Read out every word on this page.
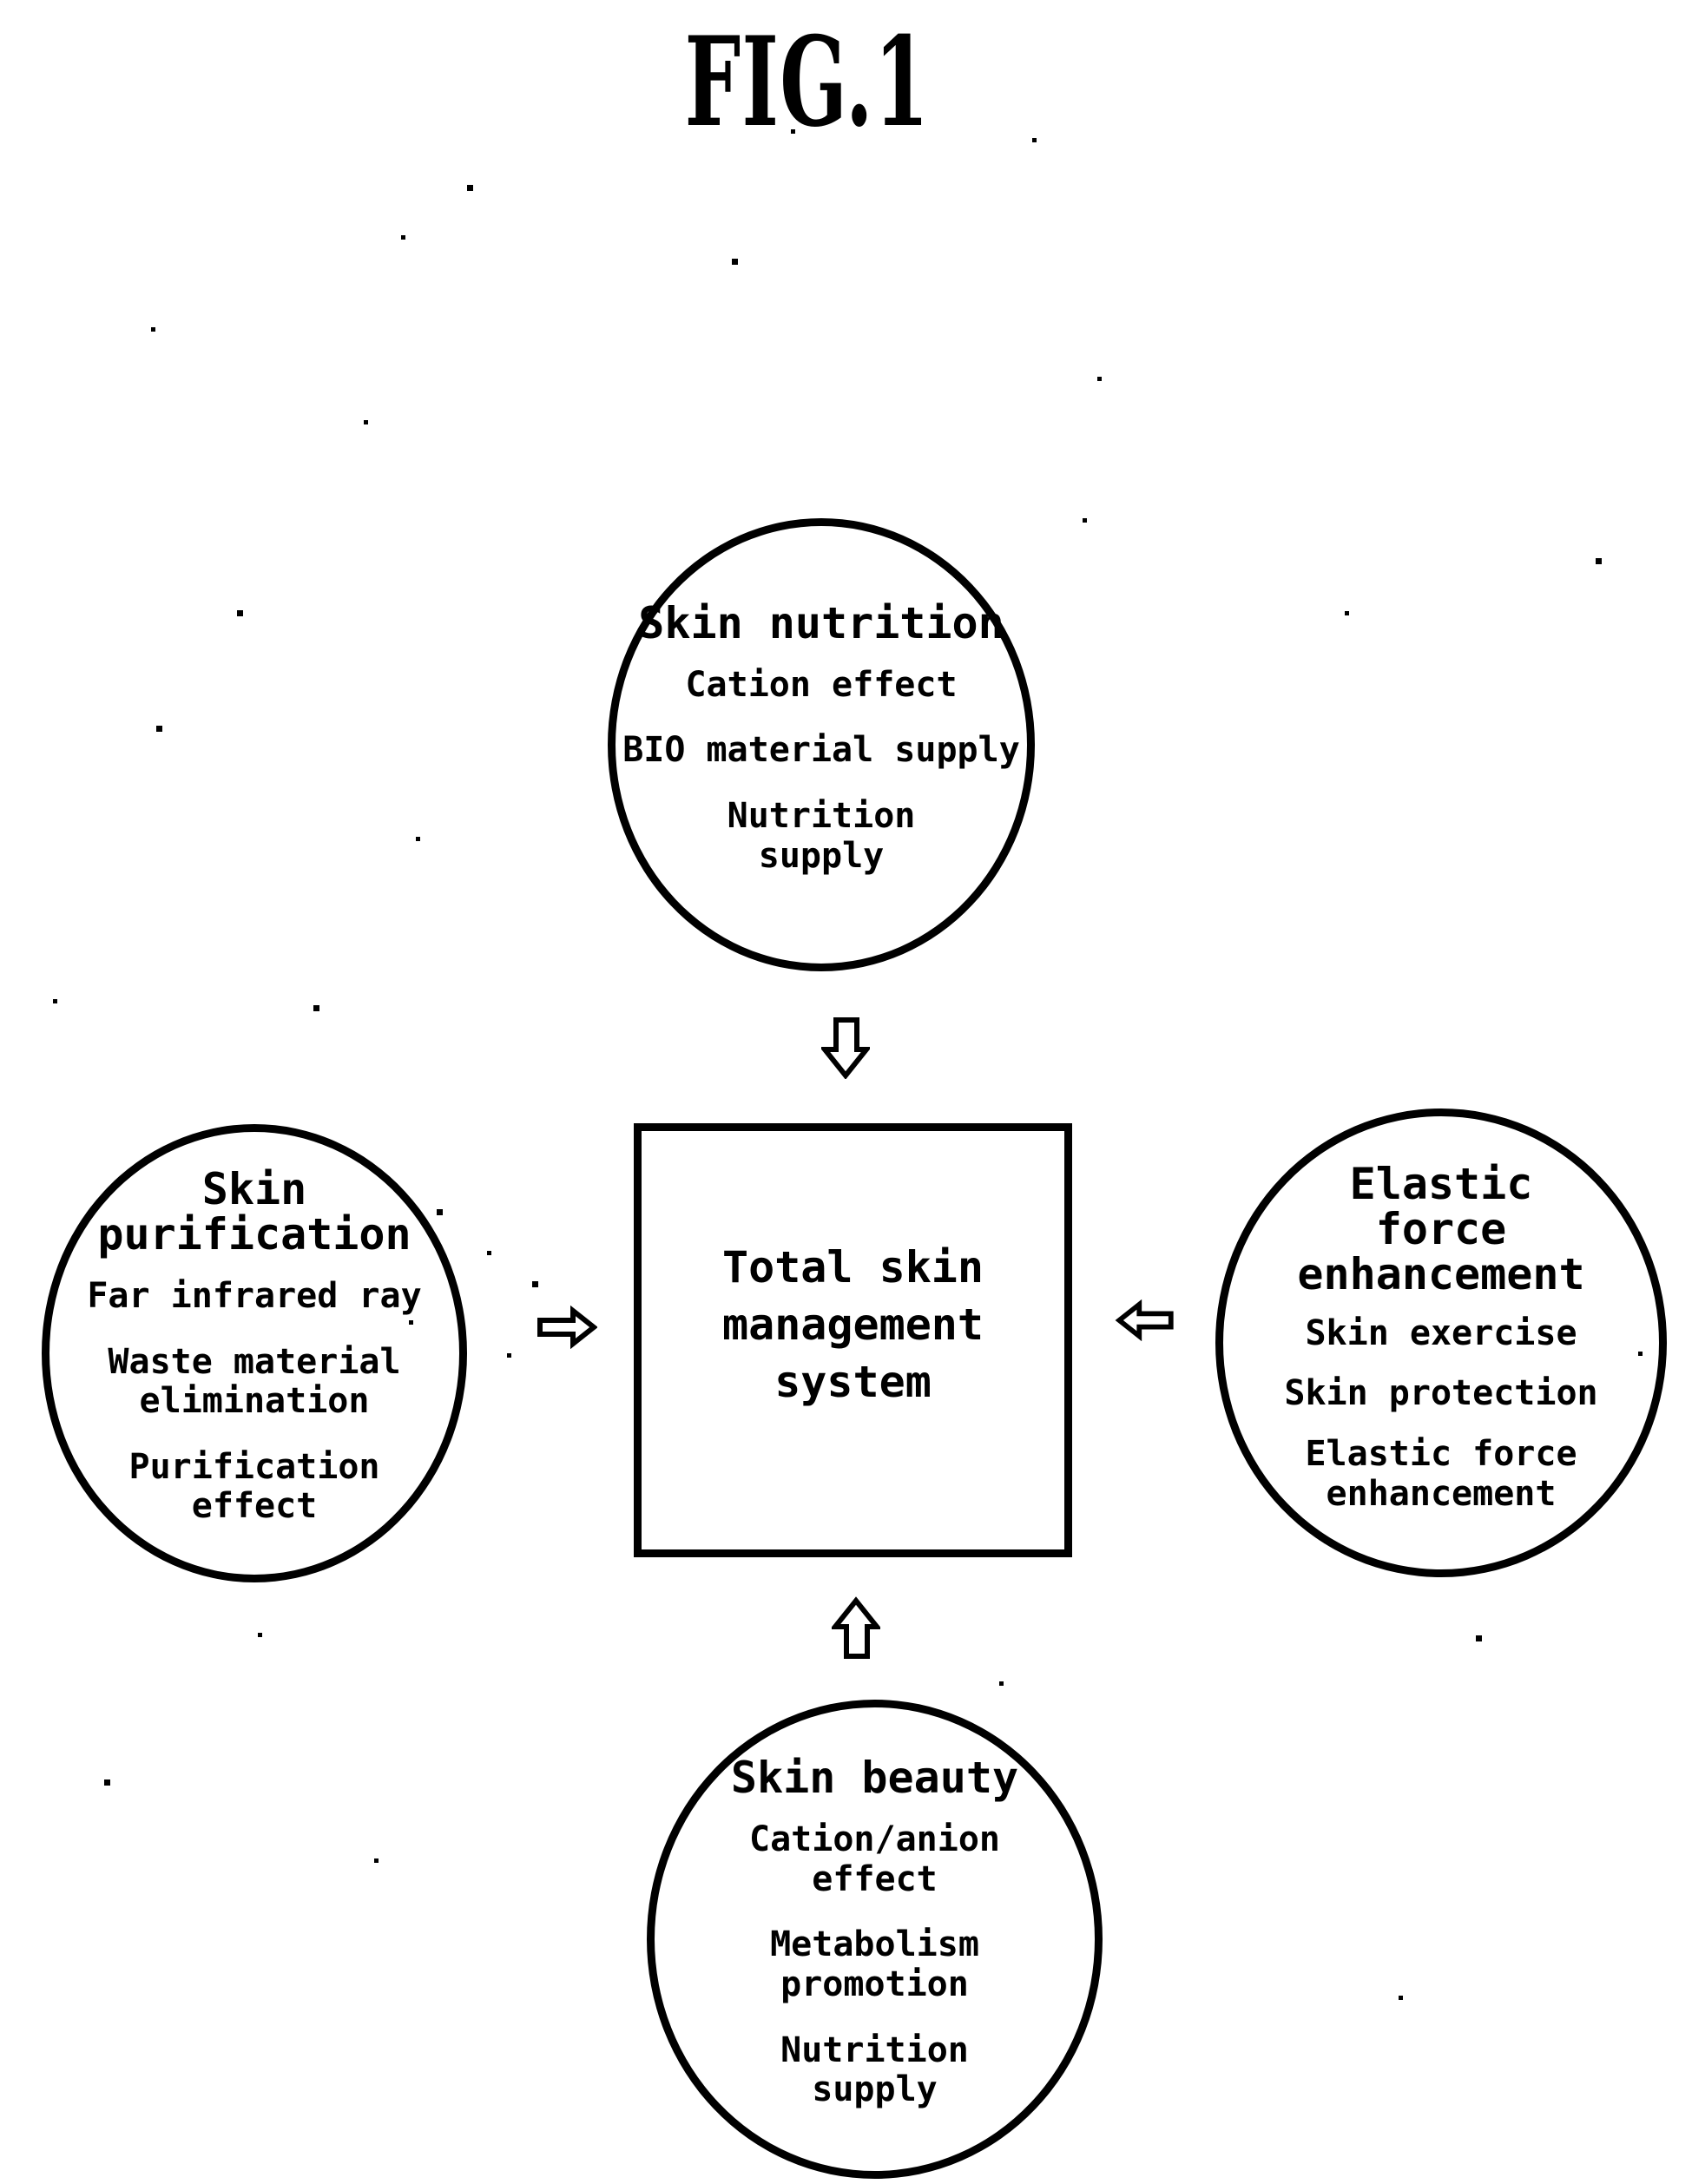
FIG.1
Skin nutrition
Cation effect
BIO material supply
Nutrition
supply
Skin
purification
Far infrared ray
Waste material
elimination
Purification
effect
Elastic
force
enhancement
Skin exercise
Skin protection
Elastic force
enhancement
Skin beauty
Cation/anion
effect
Metabolism
promotion
Nutrition
supply
Total skin
management
system
